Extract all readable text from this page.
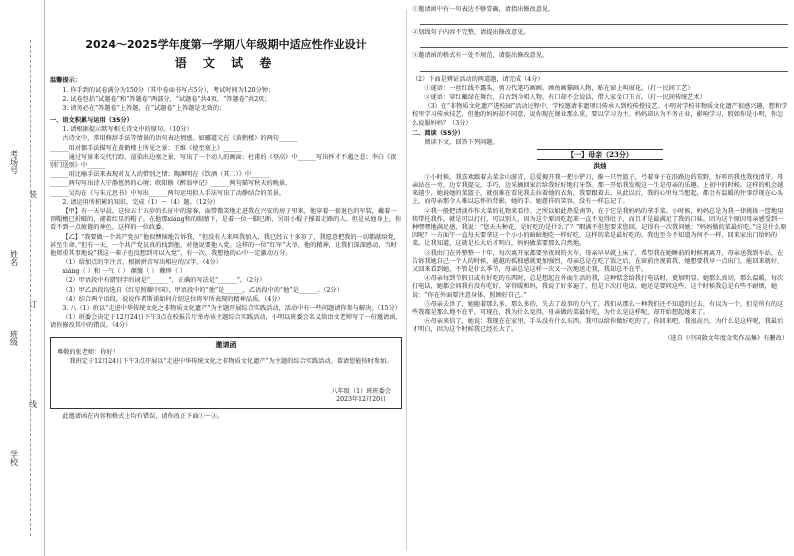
考场号
姓名
班级
学校
装
订
线
2024～2025学年度第一学期八年级期中适应性作业设计
语 文 试 卷

温馨提示：

1. 你手到的试卷满分为150分（其中卷面书写占5分），考试时间为120分钟；

2. 试卷包括“试题卷”和“答题卷”两部分，“试题卷”共4页，“答题卷”共2页；

3. 请务必在“答题卷”上答题，在“试题卷”上答题是无效的；

一、语文积累与运用（35分）

1. 请根据提示默写相关诗文中的原句。（10分）

古诗文中，常用修辞手法等情景的语句表达情感。如郦道元在《黄鹤楼》的两句______

______用对偶手法描写在黄鹤楼上所见之景；王维《使至塞上》______

______通过写景来交代行踪，渲染出边塞之景，写出了一个动人的画面；杜甫的《登高》中______写出怀才不遇之悲；李白《夜别门送别》中______

______用比喻手法来表现对友人的惜别之情；陶渊明在《饮酒（其二）》中______

______两句写出诗人宁静悠然的心境；欧阳修《醉翁亭记》______两句描写秋天的晚景，

______吴均在《与朱元思书》中写出______两句运用拟人手法写出了动静结合的美景。

2. 请运用所积累的知识，完成（1）～（4）题。（12分）

【甲】有一天早晨，这位五十五岁的长征中的游客，面带微笑地走进我在兴安的房子里来，他穿着一套退色的军装，戴着一顶帽檐已折破的，褪着红星的帽子。在他那xiáng和的眼睛下，是着一位一脚已断，另用小棍子撑着走路的人。但是从他身上，你看不到一点疲倦的神色，这样的一位政委。

【乙】“我要做一个共产党员”他很懊恼地告诉我，“但没有人来叫我加入，我已经五十多岁了，我愿意把我的一切都献给党，甚至生命。”但有一天，一个共产党员真的找到他，对他说要他入党。这样的一位“红军”大爷，他的精神，让我们深深感动，当时他郑重其事地说“我这一辈子也没想到可以入党”，有一次，我想他的心中一定激动万分。

（1）给加点的字注音，根据拼音写出相应的汉字。（4分）

xiáng（ ）和 一气（ ） 颠簸（ ） 棘惮（ ）

（2）甲语段中有错别字的词是“______”，正确的写法是“______”。（2分）

（3）甲乙语段均选自《红星照耀中国》，甲语段中的“他”是______，乙语段中的“他”是______。（2分）

（4）结合两个语段，说说作者斯诺如何介绍这位将军所表现的精神品质。（4分）

3. 八（1）班以“走进中华传统文化之非物质文化遗产”为主题开展综合实践活动，活动中有一些问题请你参与解决。（15分）

（1）班委会决定于12月24日下午3点在校报告厅举办该主题综合实践活动，小明以班委会名义给语文老师写了一份邀请函，请你修改其中的错误。（4分）

邀请函

尊敬的张老师：你好！

我班定于12月24日下午3点开展以“走进中华传统文化之非物质文化遗产”为主题的综合实践活动。恭请您能按时参加。

八年级（1）班班委会
2023年12月20日

此邀请函在内容和格式上均有错误，请你改正下面①～③。

①邀请函中有一句表达不够妥确，请指出修改意见。

②划线句子内容不完整，请提出修改意见。

③邀请函的格式有一处不规范，请提出修改意见。

（2）下面是辨证活动的两道题，请完成（4分）

①谜语：一丝红线不露头，剪刀代笔巧画画。画鱼画猫画人物，贴在窗上叫窗花。（打一民间工艺）

②谜语：穿红戴绿在舞台，自古到今唱人物。有口却不会说话，借人家金口玉言。（打一民间传统艺术）

（3）在“非物质文化遗产进校园”活动过程中，学校邀请非遗项目传承人到校传授技艺。小明对学校非物质文化遗产很感兴趣，想和学校里学习传承技艺，但他的妈妈却不同意，说你现在课业那么重，要以学习为主。妈妈却认为不务正业，影响学习，假如你是小明，你怎么说服妈妈？（3分）

二、阅读（55分）

阅读下文，回答下列问题。

【一】母亲（23分）
洪烛

①小时候，我喜欢跟着去菜金山游青，总爱揭开我一把小铲刀，推一只竹篮子，弓着身子在沿路边的荒野，好听的我也我找清芽。母亲站在一旁，边专我提交，手巧，边采摘回家后给我好好地打牙祭。那一开始我发现这一生是母亲的乐趣。上初中的时候，这样的机会越来越少，她说她的菜篮子，就很难在看见我去拉着她的衣角，我要跟着去。从此以后，我的心里每当想起，都会有温暖的往事浮现在心头上，而母亲那令人难以忘怀的背影，她的手、她慈祥的笑容，没有一样忘记了。

②我一般把清淡作作大菜的礼物来看待。之所以如此热爱南笋，在于它是我妈妈的拿手菜。小时候，妈妈总是为我一律挑拣一筐地用筷带托我作，就是可以打打，可以别人，因为这个原因吃起来一直不觉得肚子，而且才是最满足了我的口味。因为这个原因母亲感受到一种嘿嘿地满足感，我说：“您天天种花，是好吃的是什么了？”暇满不但您要求您回，记得有一次我问她：“妈妈做的菜最好吃。”这是什么原因呢？一方面午一直每天要拿这一个小小的暗暗地吃一样好吃，这样的菜是最好吃的。我也至今不知道为何不一样，回来家出门给妈的菜，让我知道，这就是长大后才明白，妈妈做菜要那么自然地。

③我由门在外整整一十年，每次离开家都要坐夜间的火车，母亲早早就上床了，希望我在她睡前的时候再离开，母亲送我到车站，在告诉我她自己一个人的时候，越越的孤独感就更加强烈，母亲总是在吃了饭之后，在窗前注视着我，她想要我早一点出门，能回来就好，又回来看到她，不管是什么季节，母亲总是这样一次又一次地送走我，我却总不在乎。

④母亲每到节假日或有好吃的东西时，总是想起在外面生活的我，这种惦念给我打电话时，更加明显。她那么真切，那么温暖，每次打电话，她都会问我有没有吃好，穿得暖和吗，我说了好多遍了，但是下次打电话，她还是要问这些，这个时候我总是有些不耐烦，她说：“你在外面要注意身体，照顾好自己。”

⑤母亲去世了，她随着那么多，那么多的，失去了故事的力气了。我们从那么一种我们还不知道的过去，有以为一个，但是所有的这些我都是那么地不在乎，可现在，我为什么觉得，母亲做的菜最好吃，为什么是这样呢，却开始想起她来了。

⑥母亲来信了，她说：我现在在家里，手头没有什么东西，我可以给你做好吃的了，你回来吧。我很高兴，为什么是这样呢，我最后才明白，因为这个时候我已经长大了。

（选自《中国散文年度金奖作品集》有删改）
